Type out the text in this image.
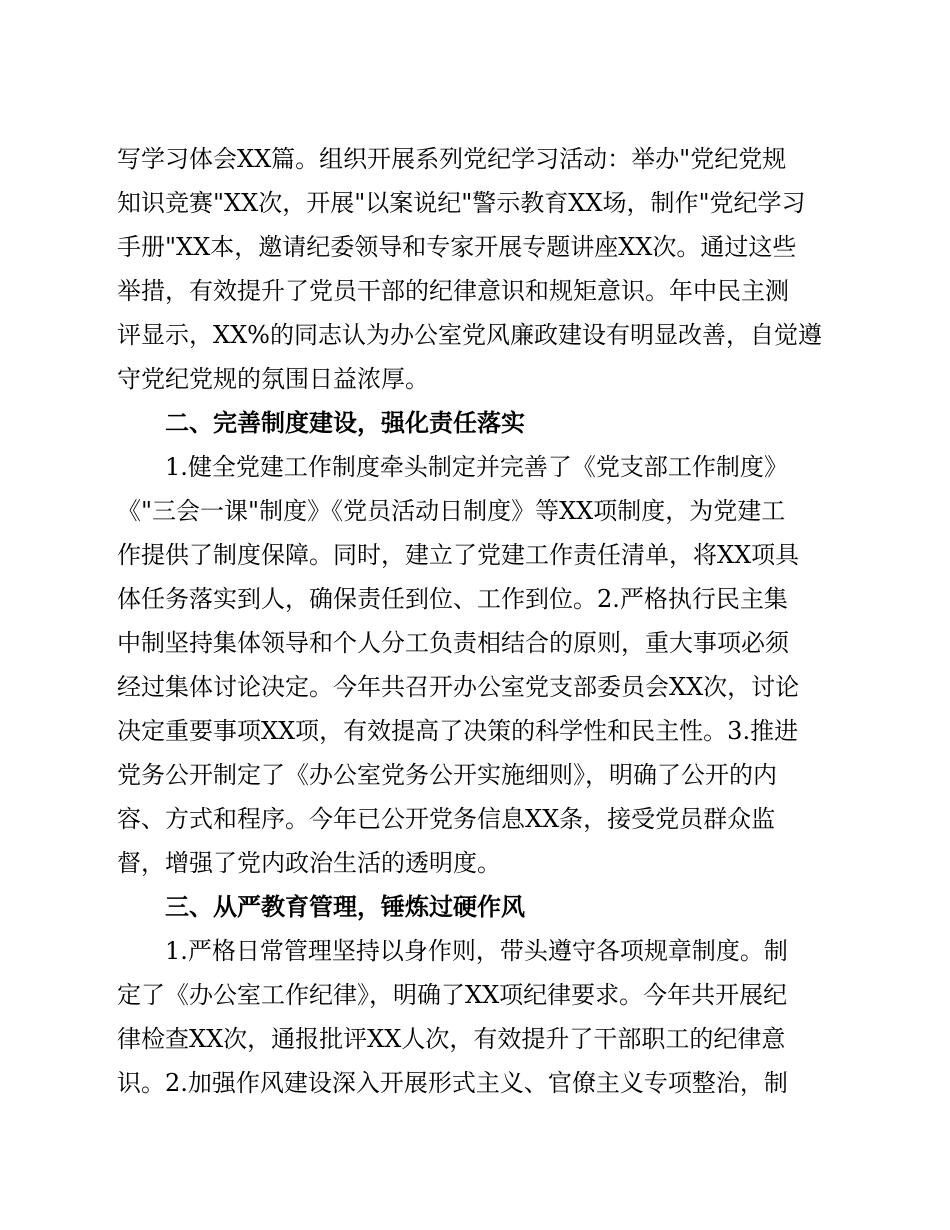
写学习体会XX篇。组织开展系列党纪学习活动：举办"党纪党规
知识竞赛"XX次，开展"以案说纪"警示教育XX场，制作"党纪学习
手册"XX本，邀请纪委领导和专家开展专题讲座XX次。通过这些
举措，有效提升了党员干部的纪律意识和规矩意识。年中民主测
评显示，XX%的同志认为办公室党风廉政建设有明显改善，自觉遵
守党纪党规的氛围日益浓厚。
二、完善制度建设，强化责任落实
　　1.健全党建工作制度牵头制定并完善了《党支部工作制度》
《"三会一课"制度》《党员活动日制度》等XX项制度，为党建工
作提供了制度保障。同时，建立了党建工作责任清单，将XX项具
体任务落实到人，确保责任到位、工作到位。2.严格执行民主集
中制坚持集体领导和个人分工负责相结合的原则，重大事项必须
经过集体讨论决定。今年共召开办公室党支部委员会XX次，讨论
决定重要事项XX项，有效提高了决策的科学性和民主性。3.推进
党务公开制定了《办公室党务公开实施细则》，明确了公开的内
容、方式和程序。今年已公开党务信息XX条，接受党员群众监
督，增强了党内政治生活的透明度。
三、从严教育管理，锤炼过硬作风
　　1.严格日常管理坚持以身作则，带头遵守各项规章制度。制
定了《办公室工作纪律》，明确了XX项纪律要求。今年共开展纪
律检查XX次，通报批评XX人次，有效提升了干部职工的纪律意
识。2.加强作风建设深入开展形式主义、官僚主义专项整治，制
